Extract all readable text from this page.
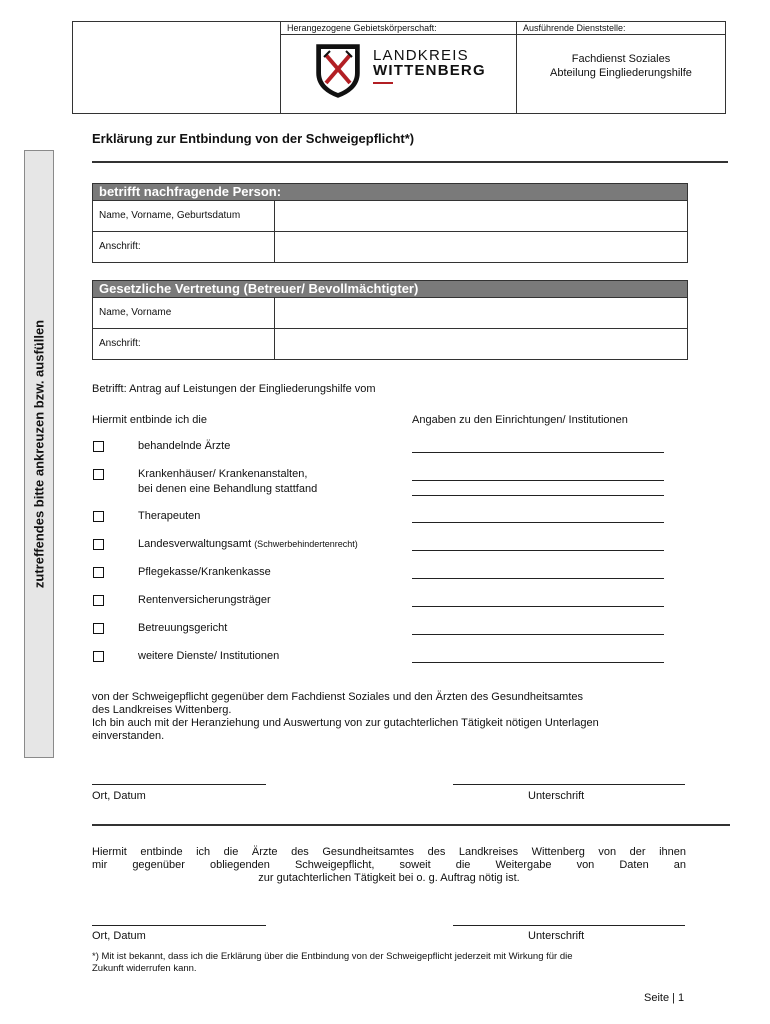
Herangezogene Gebietskörperschaft:
LANDKREIS
WITTENBERG
Ausführende Dienststelle:
Fachdienst Soziales
Abteilung Eingliederungshilfe
Erklärung zur Entbindung von der Schweigepflicht*)
zutreffendes bitte ankreuzen bzw. ausfüllen
betrifft nachfragende Person:
Name, Vorname, Geburtsdatum
Anschrift:
Gesetzliche Vertretung (Betreuer/ Bevollmächtigter)
Name, Vorname
Anschrift:
Betrifft: Antrag auf Leistungen der Eingliederungshilfe vom
Hiermit entbinde ich die	Angaben zu den Einrichtungen/ Institutionen
behandelnde Ärzte
Krankenhäuser/ Krankenanstalten,
bei denen eine Behandlung stattfand
Therapeuten
Landesverwaltungsamt (Schwerbehindertenrecht)
Pflegekasse/Krankenkasse
Rentenversicherungsträger
Betreuungsgericht
weitere Dienste/ Institutionen
von der Schweigepflicht gegenüber dem Fachdienst Soziales und den Ärzten des Gesundheitsamtes
des Landkreises Wittenberg.
Ich bin auch mit der Heranziehung und Auswertung von zur gutachterlichen Tätigkeit nötigen Unterlagen
einverstanden.
Ort, Datum	Unterschrift
Hiermit entbinde ich die Ärzte des Gesundheitsamtes des Landkreises Wittenberg von der ihnen
mir gegenüber obliegenden Schweigepflicht, soweit die Weitergabe von Daten an
zur gutachterlichen Tätigkeit bei o. g. Auftrag nötig ist.
Ort, Datum	Unterschrift
*) Mit ist bekannt, dass ich die Erklärung über die Entbindung von der Schweigepflicht jederzeit mit Wirkung für die
Zukunft widerrufen kann.
Seite | 1
